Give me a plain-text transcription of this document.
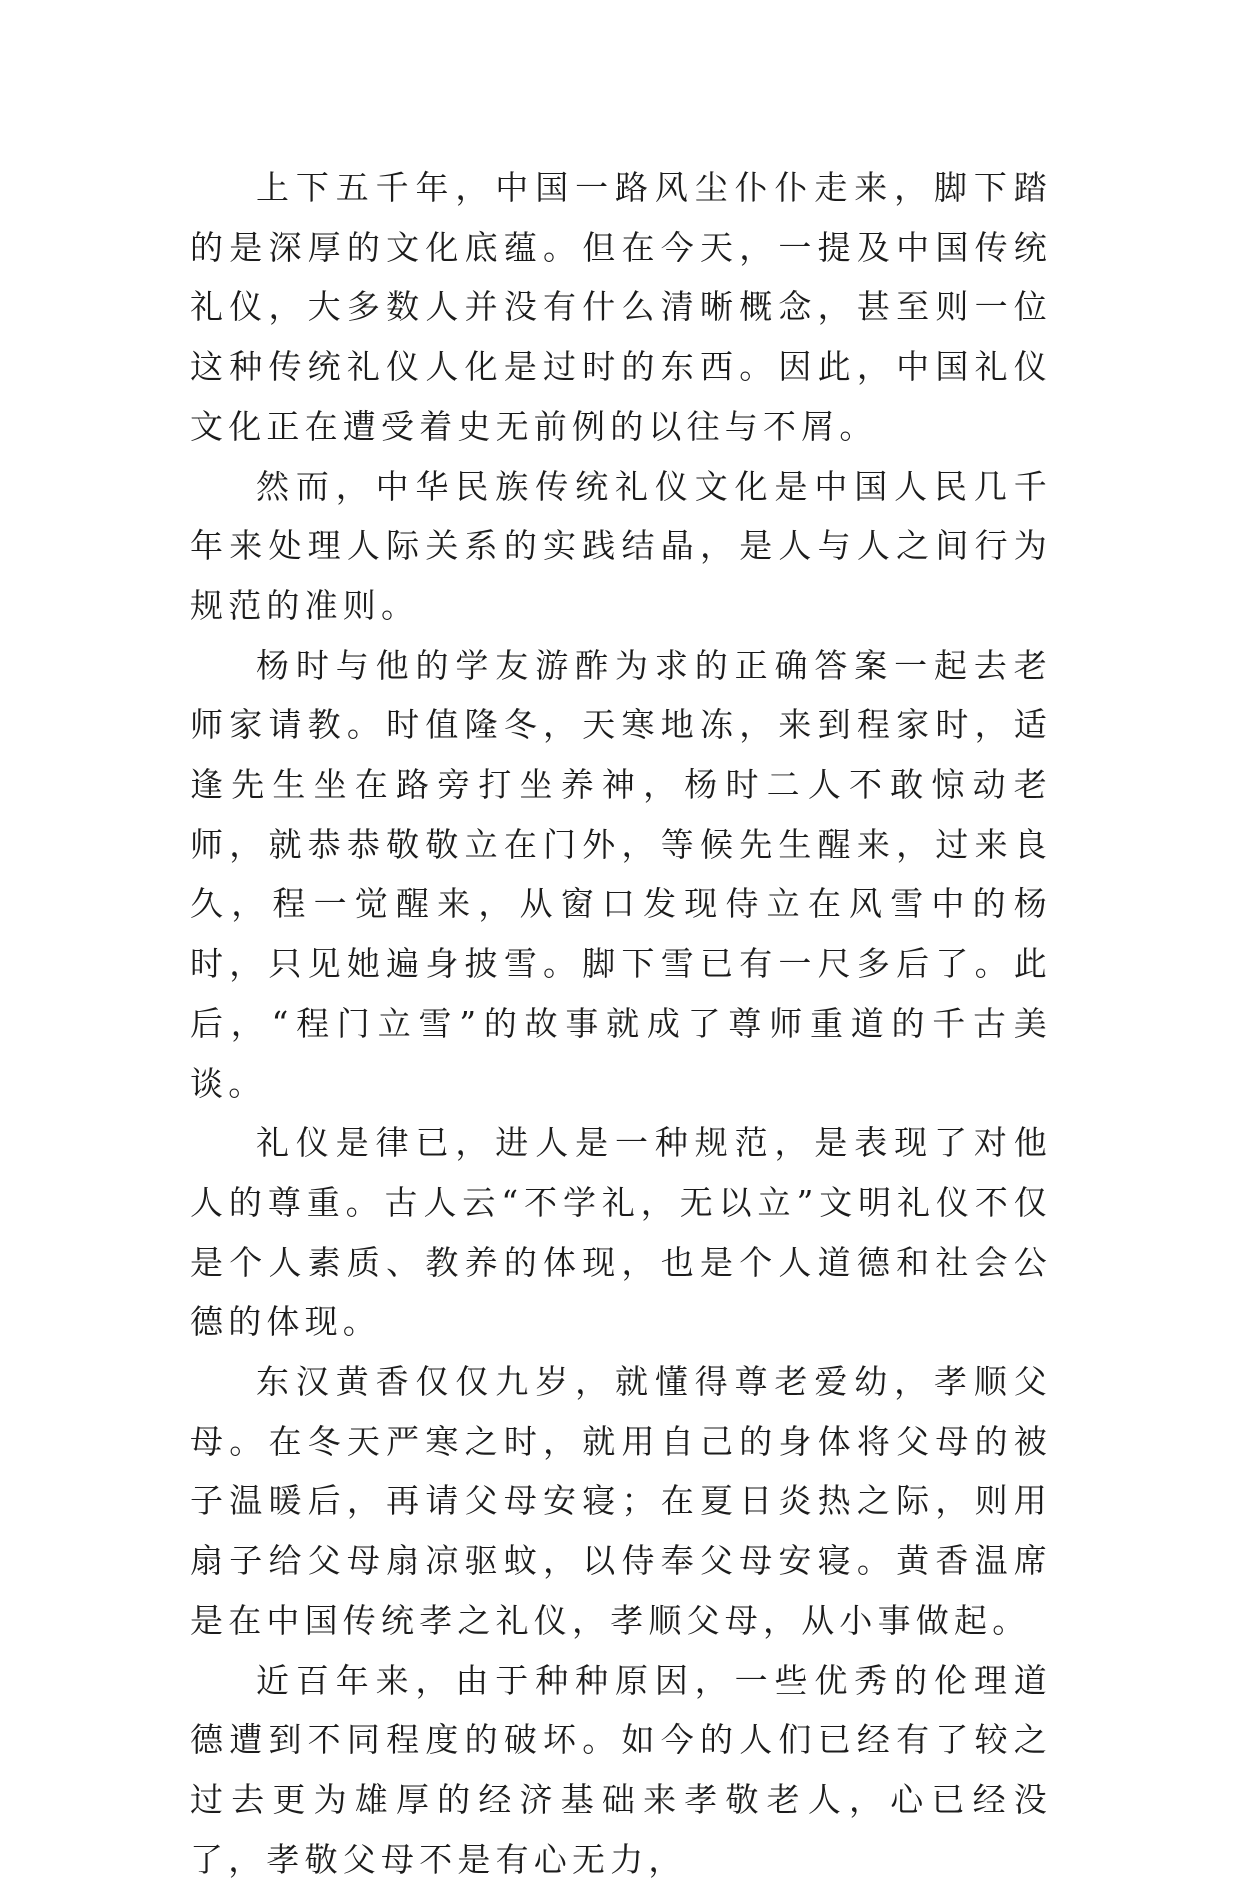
上下五千年，中国一路风尘仆仆走来，脚下踏的是深厚的文化底蕴。但在今天，一提及中国传统礼仪，大多数人并没有什么清晰概念，甚至则一位这种传统礼仪人化是过时的东西。因此，中国礼仪文化正在遭受着史无前例的以往与不屑。

然而，中华民族传统礼仪文化是中国人民几千年来处理人际关系的实践结晶，是人与人之间行为规范的准则。

杨时与他的学友游酢为求的正确答案一起去老师家请教。时值隆冬，天寒地冻，来到程家时，适逢先生坐在路旁打坐养神，杨时二人不敢惊动老师，就恭恭敬敬立在门外，等候先生醒来，过来良久，程一觉醒来，从窗口发现侍立在风雪中的杨时，只见她遍身披雪。脚下雪已有一尺多后了。此后，“程门立雪”的故事就成了尊师重道的千古美谈。

礼仪是律已，进人是一种规范，是表现了对他人的尊重。古人云“不学礼，无以立”文明礼仪不仅是个人素质、教养的体现，也是个人道德和社会公德的体现。

东汉黄香仅仅九岁，就懂得尊老爱幼，孝顺父母。在冬天严寒之时，就用自己的身体将父母的被子温暖后，再请父母安寝；在夏日炎热之际，则用扇子给父母扇凉驱蚊，以侍奉父母安寝。黄香温席是在中国传统孝之礼仪，孝顺父母，从小事做起。

近百年来，由于种种原因，一些优秀的伦理道德遭到不同程度的破坏。如今的人们已经有了较之过去更为雄厚的经济基础来孝敬老人，心已经没了，孝敬父母不是有心无力，
